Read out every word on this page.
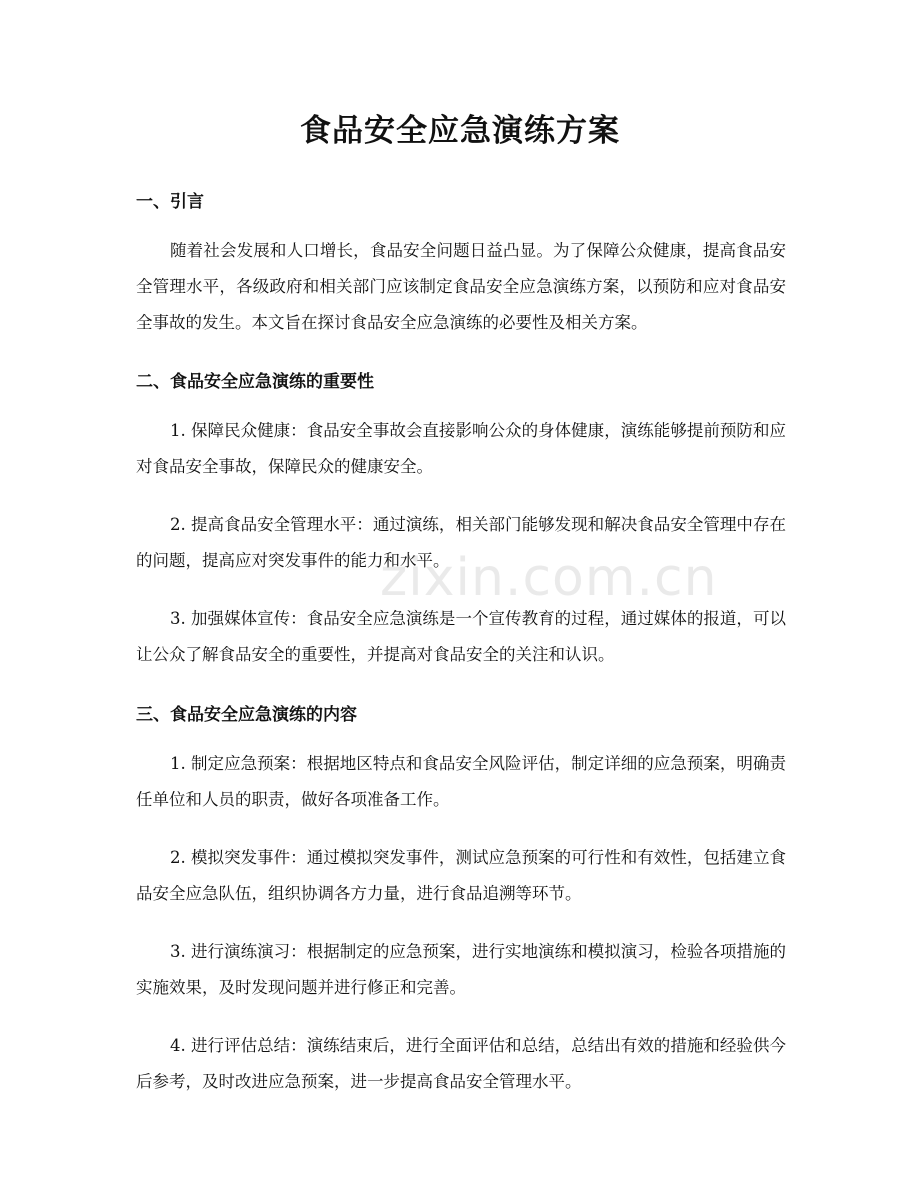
食品安全应急演练方案
一、引言

随着社会发展和人口增长，食品安全问题日益凸显。为了保障公众健康，提高食品安全管理水平，各级政府和相关部门应该制定食品安全应急演练方案，以预防和应对食品安全事故的发生。本文旨在探讨食品安全应急演练的必要性及相关方案。

二、食品安全应急演练的重要性

1. 保障民众健康：食品安全事故会直接影响公众的身体健康，演练能够提前预防和应对食品安全事故，保障民众的健康安全。

2. 提高食品安全管理水平：通过演练，相关部门能够发现和解决食品安全管理中存在的问题，提高应对突发事件的能力和水平。

3. 加强媒体宣传：食品安全应急演练是一个宣传教育的过程，通过媒体的报道，可以让公众了解食品安全的重要性，并提高对食品安全的关注和认识。

三、食品安全应急演练的内容

1. 制定应急预案：根据地区特点和食品安全风险评估，制定详细的应急预案，明确责任单位和人员的职责，做好各项准备工作。

2. 模拟突发事件：通过模拟突发事件，测试应急预案的可行性和有效性，包括建立食品安全应急队伍，组织协调各方力量，进行食品追溯等环节。

3. 进行演练演习：根据制定的应急预案，进行实地演练和模拟演习，检验各项措施的实施效果，及时发现问题并进行修正和完善。

4. 进行评估总结：演练结束后，进行全面评估和总结，总结出有效的措施和经验供今后参考，及时改进应急预案，进一步提高食品安全管理水平。

zixin.com.cn
